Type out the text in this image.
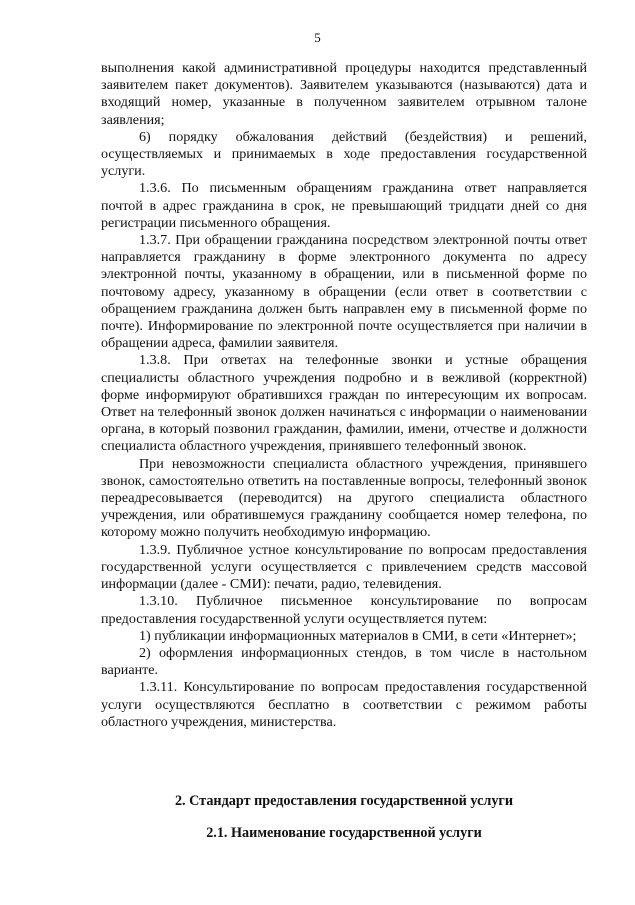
5

выполнения какой административной процедуры находится представленный заявителем пакет документов). Заявителем указываются (называются) дата и входящий номер, указанные в полученном заявителем отрывном талоне заявления;

6) порядку обжалования действий (бездействия) и решений, осуществляемых и принимаемых в ходе предоставления государственной услуги.

1.3.6. По письменным обращениям гражданина ответ направляется почтой в адрес гражданина в срок, не превышающий тридцати дней со дня регистрации письменного обращения.

1.3.7. При обращении гражданина посредством электронной почты ответ направляется гражданину в форме электронного документа по адресу электронной почты, указанному в обращении, или в письменной форме по почтовому адресу, указанному в обращении (если ответ в соответствии с обращением гражданина должен быть направлен ему в письменной форме по почте). Информирование по электронной почте осуществляется при наличии в обращении адреса, фамилии заявителя.

1.3.8. При ответах на телефонные звонки и устные обращения специалисты областного учреждения подробно и в вежливой (корректной) форме информируют обратившихся граждан по интересующим их вопросам. Ответ на телефонный звонок должен начинаться с информации о наименовании органа, в который позвонил гражданин, фамилии, имени, отчестве и должности специалиста областного учреждения, принявшего телефонный звонок.

При невозможности специалиста областного учреждения, принявшего звонок, самостоятельно ответить на поставленные вопросы, телефонный звонок переадресовывается (переводится) на другого специалиста областного учреждения, или обратившемуся гражданину сообщается номер телефона, по которому можно получить необходимую информацию.

1.3.9. Публичное устное консультирование по вопросам предоставления государственной услуги осуществляется с привлечением средств массовой информации (далее - СМИ): печати, радио, телевидения.

1.3.10. Публичное письменное консультирование по вопросам предоставления государственной услуги осуществляется путем:

1) публикации информационных материалов в СМИ, в сети «Интернет»;

2) оформления информационных стендов, в том числе в настольном варианте.

1.3.11. Консультирование по вопросам предоставления государственной услуги осуществляются бесплатно в соответствии с режимом работы областного учреждения, министерства.

2. Стандарт предоставления государственной услуги
2.1. Наименование государственной услуги
